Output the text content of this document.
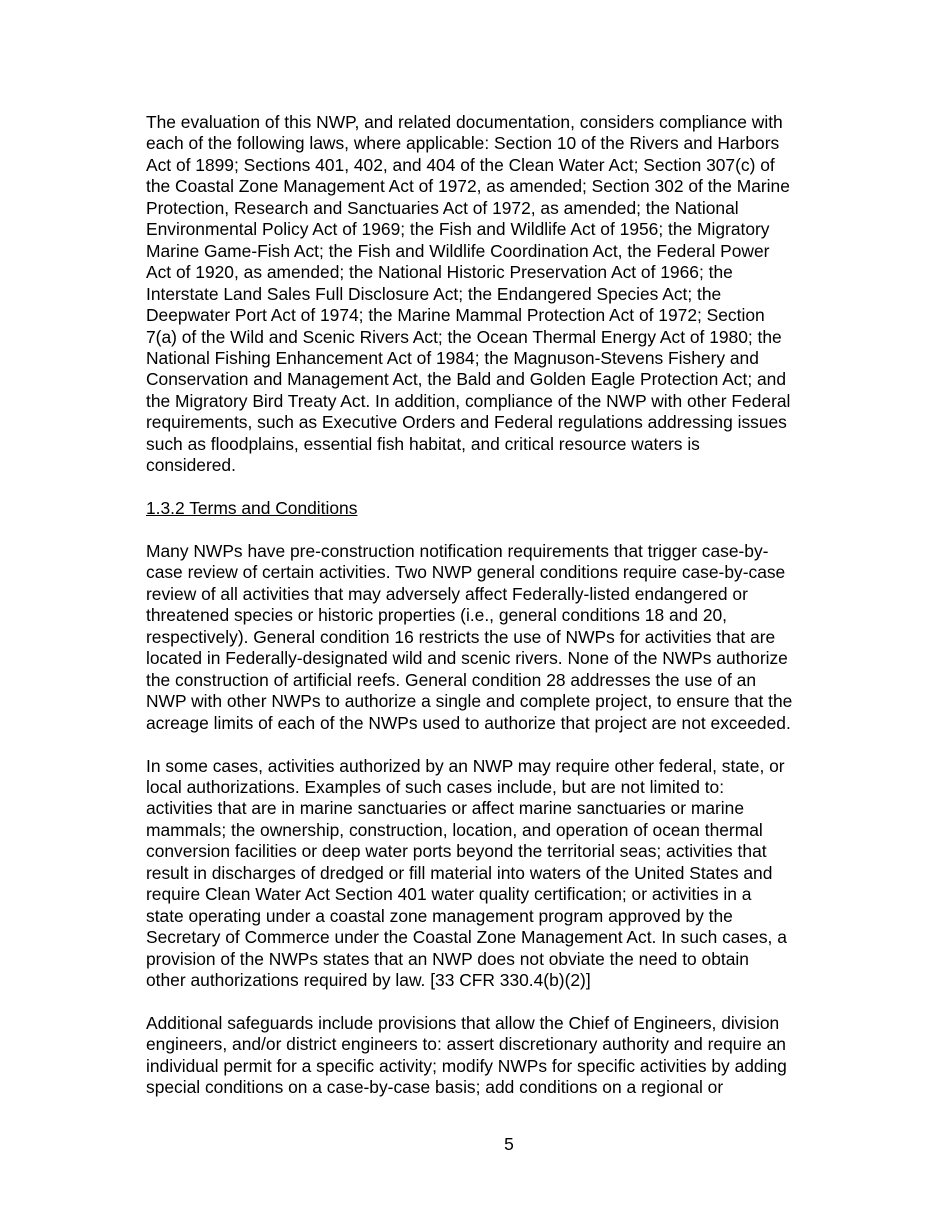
The evaluation of this NWP, and related documentation, considers compliance with
each of the following laws, where applicable: Section 10 of the Rivers and Harbors
Act of 1899; Sections 401, 402, and 404 of the Clean Water Act; Section 307(c) of
the Coastal Zone Management Act of 1972, as amended; Section 302 of the Marine
Protection, Research and Sanctuaries Act of 1972, as amended; the National
Environmental Policy Act of 1969; the Fish and Wildlife Act of 1956; the Migratory
Marine Game-Fish Act; the Fish and Wildlife Coordination Act, the Federal Power
Act of 1920, as amended; the National Historic Preservation Act of 1966; the
Interstate Land Sales Full Disclosure Act; the Endangered Species Act; the
Deepwater Port Act of 1974; the Marine Mammal Protection Act of 1972; Section
7(a) of the Wild and Scenic Rivers Act; the Ocean Thermal Energy Act of 1980; the
National Fishing Enhancement Act of 1984; the Magnuson-Stevens Fishery and
Conservation and Management Act, the Bald and Golden Eagle Protection Act; and
the Migratory Bird Treaty Act. In addition, compliance of the NWP with other Federal
requirements, such as Executive Orders and Federal regulations addressing issues
such as floodplains, essential fish habitat, and critical resource waters is
considered.

1.3.2 Terms and Conditions

Many NWPs have pre-construction notification requirements that trigger case-by-
case review of certain activities. Two NWP general conditions require case-by-case
review of all activities that may adversely affect Federally-listed endangered or
threatened species or historic properties (i.e., general conditions 18 and 20,
respectively). General condition 16 restricts the use of NWPs for activities that are
located in Federally-designated wild and scenic rivers. None of the NWPs authorize
the construction of artificial reefs. General condition 28 addresses the use of an
NWP with other NWPs to authorize a single and complete project, to ensure that the
acreage limits of each of the NWPs used to authorize that project are not exceeded.

In some cases, activities authorized by an NWP may require other federal, state, or
local authorizations. Examples of such cases include, but are not limited to:
activities that are in marine sanctuaries or affect marine sanctuaries or marine
mammals; the ownership, construction, location, and operation of ocean thermal
conversion facilities or deep water ports beyond the territorial seas; activities that
result in discharges of dredged or fill material into waters of the United States and
require Clean Water Act Section 401 water quality certification; or activities in a
state operating under a coastal zone management program approved by the
Secretary of Commerce under the Coastal Zone Management Act. In such cases, a
provision of the NWPs states that an NWP does not obviate the need to obtain
other authorizations required by law. [33 CFR 330.4(b)(2)]

Additional safeguards include provisions that allow the Chief of Engineers, division
engineers, and/or district engineers to: assert discretionary authority and require an
individual permit for a specific activity; modify NWPs for specific activities by adding
special conditions on a case-by-case basis; add conditions on a regional or

5
